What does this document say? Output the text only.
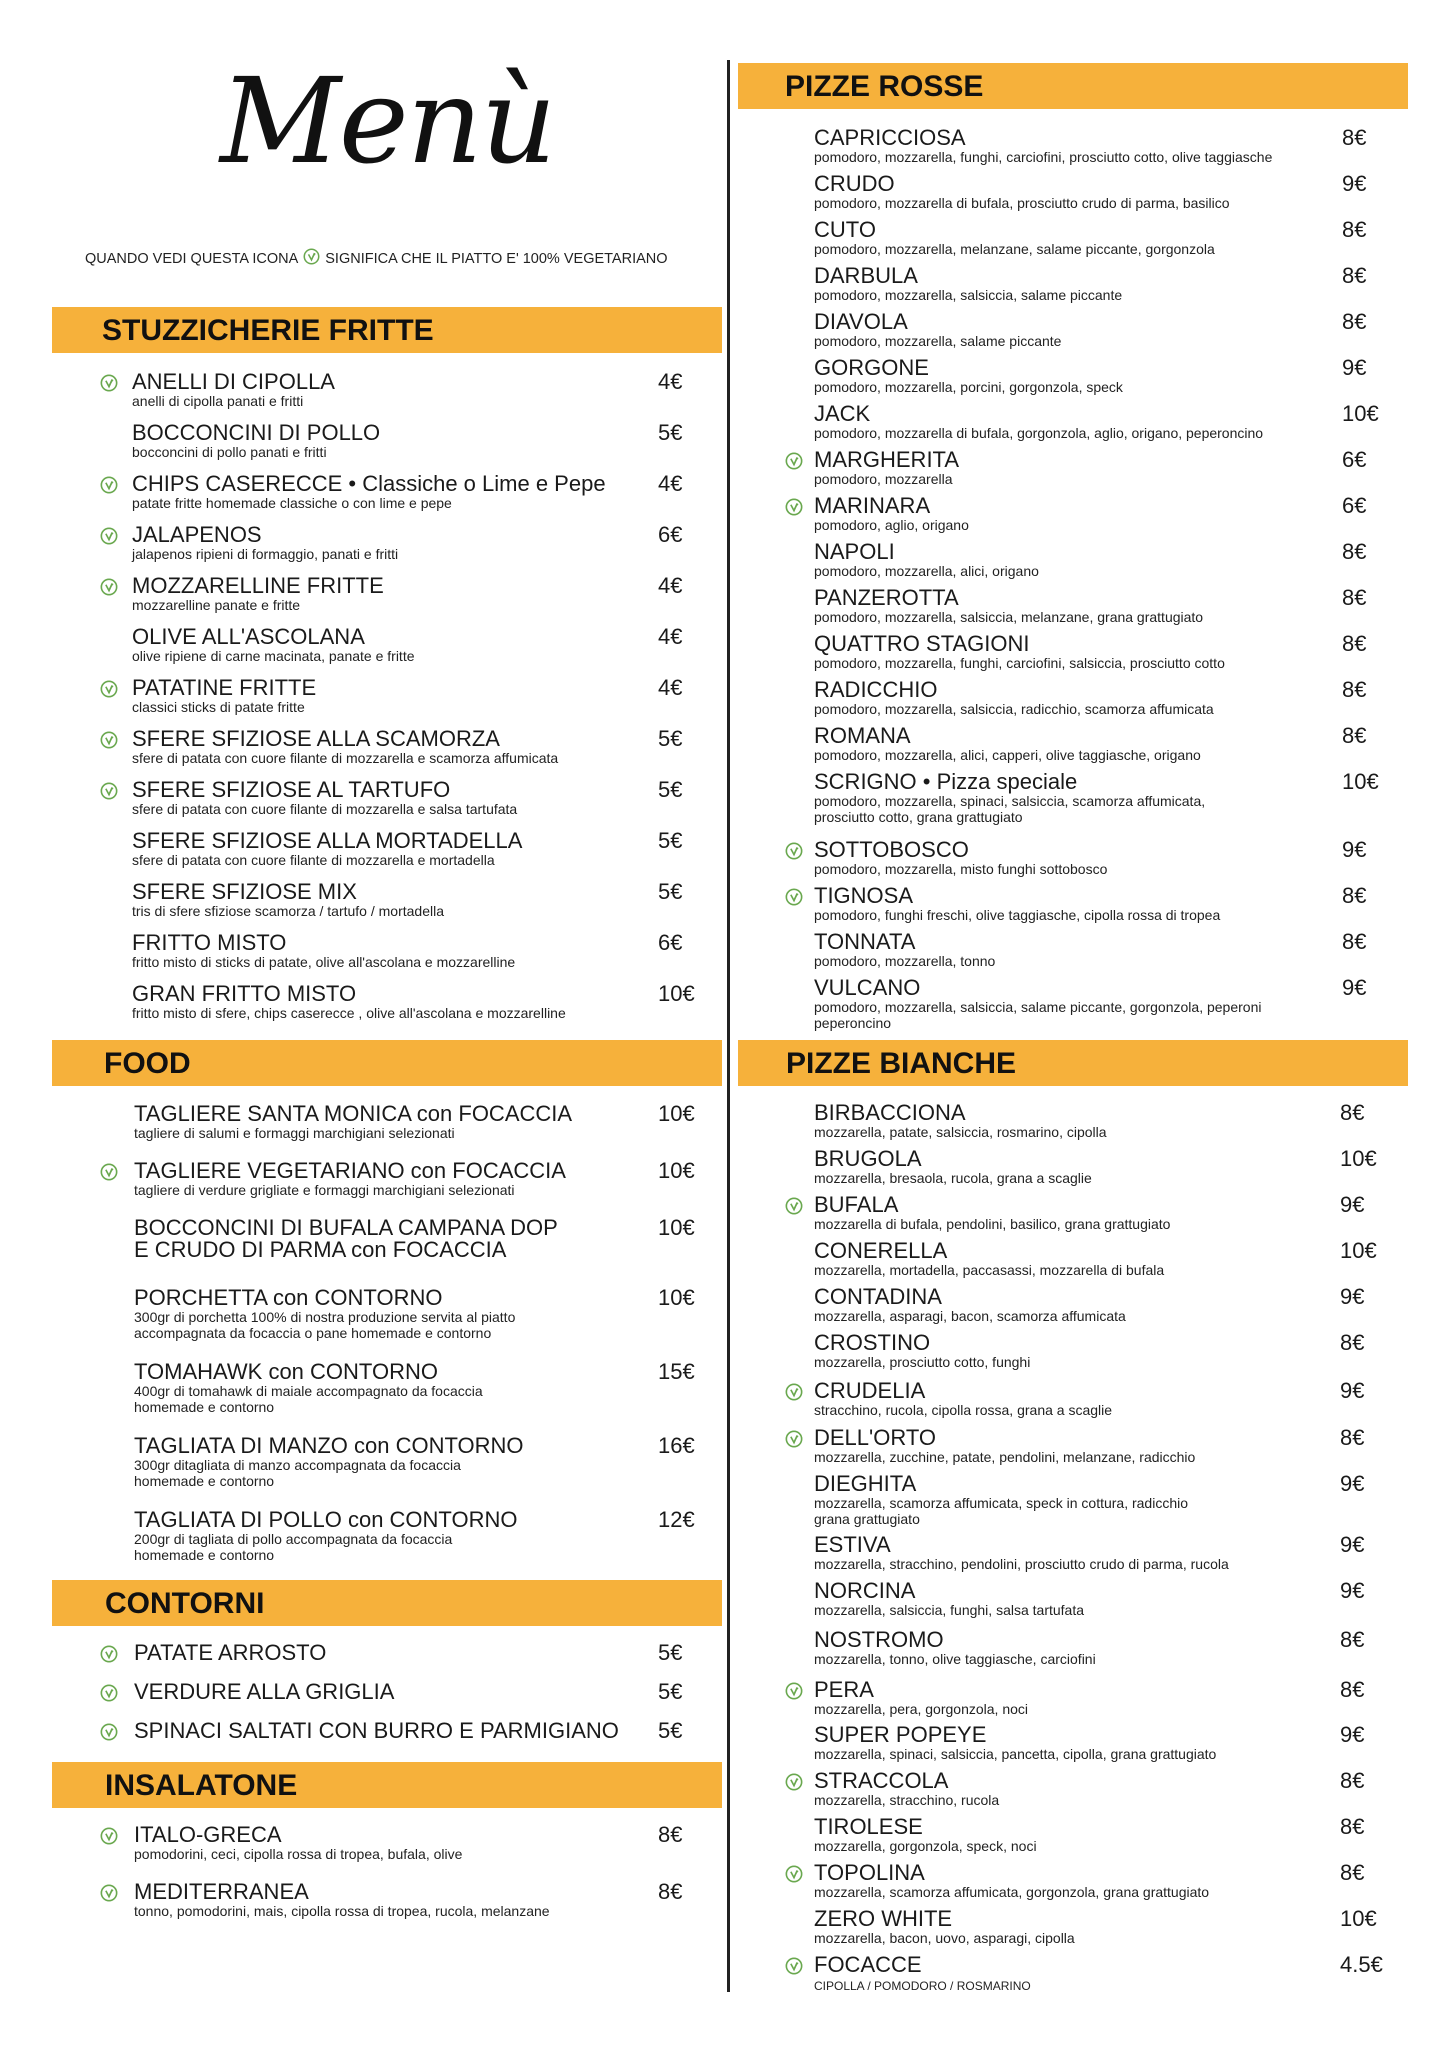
Menù
QUANDO VEDI QUESTA ICONA SIGNIFICA CHE IL PIATTO E' 100% VEGETARIANO
STUZZICHERIE FRITTE
ANELLI DI CIPOLLA
anelli di cipolla panati e fritti
4€
BOCCONCINI DI POLLO
bocconcini di pollo panati e fritti
5€
CHIPS CASERECCE • Classiche o Lime e Pepe
patate fritte homemade classiche o con lime e pepe
4€
JALAPENOS
jalapenos ripieni di formaggio, panati e fritti
6€
MOZZARELLINE FRITTE
mozzarelline panate e fritte
4€
OLIVE ALL'ASCOLANA
olive ripiene di carne macinata, panate e fritte
4€
PATATINE FRITTE
classici sticks di patate fritte
4€
SFERE SFIZIOSE ALLA SCAMORZA
sfere di patata con cuore filante di mozzarella e scamorza affumicata
5€
SFERE SFIZIOSE AL TARTUFO
sfere di patata con cuore filante di mozzarella e salsa tartufata
5€
SFERE SFIZIOSE ALLA MORTADELLA
sfere di patata con cuore filante di mozzarella e mortadella
5€
SFERE SFIZIOSE MIX
tris di sfere sfiziose scamorza / tartufo / mortadella
5€
FRITTO MISTO
fritto misto di sticks di patate, olive all'ascolana e mozzarelline
6€
GRAN FRITTO MISTO
fritto misto di sfere, chips caserecce , olive all'ascolana e mozzarelline
10€
FOOD
TAGLIERE SANTA MONICA con FOCACCIA
tagliere di salumi e formaggi marchigiani selezionati
10€
TAGLIERE VEGETARIANO con FOCACCIA
tagliere di verdure grigliate e formaggi marchigiani selezionati
10€
BOCCONCINI DI BUFALA CAMPANA DOP
E CRUDO DI PARMA con FOCACCIA
10€
PORCHETTA con CONTORNO
300gr di porchetta 100% di nostra produzione servita al piatto
accompagnata da focaccia o pane homemade e contorno
10€
TOMAHAWK con CONTORNO
400gr di tomahawk di maiale accompagnato da focaccia
homemade e contorno
15€
TAGLIATA DI MANZO con CONTORNO
300gr ditagliata di manzo accompagnata da focaccia
homemade e contorno
16€
TAGLIATA DI POLLO con CONTORNO
200gr di tagliata di pollo accompagnata da focaccia
homemade e contorno
12€
CONTORNI
PATATE ARROSTO	5€
VERDURE ALLA GRIGLIA	5€
SPINACI SALTATI CON BURRO E PARMIGIANO 5€
INSALATONE
ITALO-GRECA
pomodorini, ceci, cipolla rossa di tropea, bufala, olive
8€
MEDITERRANEA
tonno, pomodorini, mais, cipolla rossa di tropea, rucola, melanzane
8€
PIZZE ROSSE
CAPRICCIOSA
pomodoro, mozzarella, funghi, carciofini, prosciutto cotto, olive taggiasche
8€
CRUDO
pomodoro, mozzarella di bufala, prosciutto crudo di parma, basilico
9€
CUTO
pomodoro, mozzarella, melanzane, salame piccante, gorgonzola
8€
DARBULA
pomodoro, mozzarella, salsiccia, salame piccante
8€
DIAVOLA
pomodoro, mozzarella, salame piccante
8€
GORGONE
pomodoro, mozzarella, porcini, gorgonzola, speck
9€
JACK
pomodoro, mozzarella di bufala, gorgonzola, aglio, origano, peperoncino
10€
MARGHERITA
pomodoro, mozzarella
6€
MARINARA
pomodoro, aglio, origano
6€
NAPOLI
pomodoro, mozzarella, alici, origano
8€
PANZEROTTA
pomodoro, mozzarella, salsiccia, melanzane, grana grattugiato
8€
QUATTRO STAGIONI
pomodoro, mozzarella, funghi, carciofini, salsiccia, prosciutto cotto
8€
RADICCHIO
pomodoro, mozzarella, salsiccia, radicchio, scamorza affumicata
8€
ROMANA
pomodoro, mozzarella, alici, capperi, olive taggiasche, origano
8€
SCRIGNO • Pizza speciale
pomodoro, mozzarella, spinaci, salsiccia, scamorza affumicata,
prosciutto cotto, grana grattugiato
10€
SOTTOBOSCO
pomodoro, mozzarella, misto funghi sottobosco
9€
TIGNOSA
pomodoro, funghi freschi, olive taggiasche, cipolla rossa di tropea
8€
TONNATA
pomodoro, mozzarella, tonno
8€
VULCANO
pomodoro, mozzarella, salsiccia, salame piccante, gorgonzola, peperoni
peperoncino
9€
PIZZE BIANCHE
BIRBACCIONA
mozzarella, patate, salsiccia, rosmarino, cipolla
8€
BRUGOLA
mozzarella, bresaola, rucola, grana a scaglie
10€
BUFALA
mozzarella di bufala, pendolini, basilico, grana grattugiato
9€
CONERELLA
mozzarella, mortadella, paccasassi, mozzarella di bufala
10€
CONTADINA
mozzarella, asparagi, bacon, scamorza affumicata
9€
CROSTINO
mozzarella, prosciutto cotto, funghi
8€
CRUDELIA
stracchino, rucola, cipolla rossa, grana a scaglie
9€
DELL'ORTO
mozzarella, zucchine, patate, pendolini, melanzane, radicchio
8€
DIEGHITA
mozzarella, scamorza affumicata, speck in cottura, radicchio
grana grattugiato
9€
ESTIVA
mozzarella, stracchino, pendolini, prosciutto crudo di parma, rucola
9€
NORCINA
mozzarella, salsiccia, funghi, salsa tartufata
9€
NOSTROMO
mozzarella, tonno, olive taggiasche, carciofini
8€
PERA
mozzarella, pera, gorgonzola, noci
8€
SUPER POPEYE
mozzarella, spinaci, salsiccia, pancetta, cipolla, grana grattugiato
9€
STRACCOLA
mozzarella, stracchino, rucola
8€
TIROLESE
mozzarella, gorgonzola, speck, noci
8€
TOPOLINA
mozzarella, scamorza affumicata, gorgonzola, grana grattugiato
8€
ZERO WHITE
mozzarella, bacon, uovo, asparagi, cipolla
10€
FOCACCE
CIPOLLA / POMODORO / ROSMARINO
4.5€
